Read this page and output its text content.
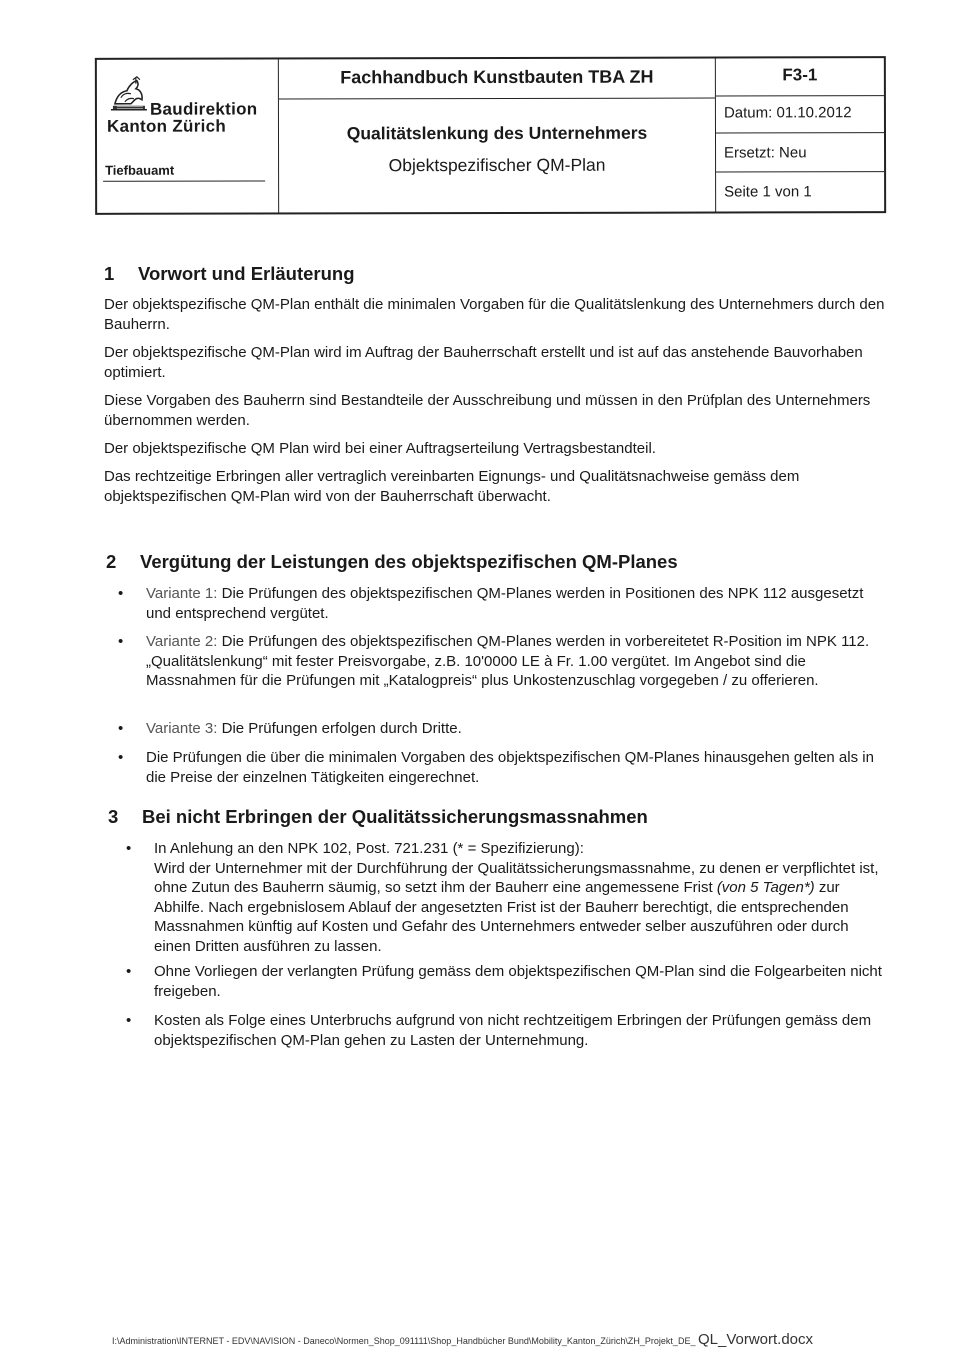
Baudirektion
Kanton Zürich
Tiefbauamt
Fachhandbuch Kunstbauten TBA ZH
Qualitätslenkung des Unternehmers
Objektspezifischer QM-Plan
F3-1
Datum: 01.10.2012
Ersetzt: Neu
Seite 1 von 1
1 Vorwort und Erläuterung

Der objektspezifische QM-Plan enthält die minimalen Vorgaben für die Qualitätslenkung des Unternehmers durch den Bauherrn.

Der objektspezifische QM-Plan wird im Auftrag der Bauherrschaft erstellt und ist auf das anstehende Bauvorhaben optimiert.

Diese Vorgaben des Bauherrn sind Bestandteile der Ausschreibung und müssen in den Prüfplan des Unternehmers übernommen werden.

Der objektspezifische QM Plan wird bei einer Auftragserteilung Vertragsbestandteil.

Das rechtzeitige Erbringen aller vertraglich vereinbarten Eignungs- und Qualitätsnachweise gemäss dem objektspezifischen QM-Plan wird von der Bauherrschaft überwacht.

2 Vergütung der Leistungen des objektspezifischen QM-Planes
• Variante 1: Die Prüfungen des objektspezifischen QM-Planes werden in Positionen des NPK 112 ausgesetzt und entsprechend vergütet.
• Variante 2: Die Prüfungen des objektspezifischen QM-Planes werden in vorbereitetet R-Position im NPK 112. „Qualitätslenkung“ mit fester Preisvorgabe, z.B. 10'0000 LE à Fr. 1.00 vergütet. Im Angebot sind die Massnahmen für die Prüfungen mit „Katalogpreis“ plus Unkostenzuschlag vorgegeben / zu offerieren.
• Variante 3: Die Prüfungen erfolgen durch Dritte.
• Die Prüfungen die über die minimalen Vorgaben des objektspezifischen QM-Planes hinausgehen gelten als in die Preise der einzelnen Tätigkeiten eingerechnet.
3 Bei nicht Erbringen der Qualitätssicherungsmassnahmen
• In Anlehung an den NPK 102, Post. 721.231 (* = Spezifizierung):
Wird der Unternehmer mit der Durchführung der Qualitätssicherungsmassnahme, zu denen er verpflichtet ist, ohne Zutun des Bauherrn säumig, so setzt ihm der Bauherr eine angemessene Frist (von 5 Tagen*) zur Abhilfe. Nach ergebnislosem Ablauf der angesetzten Frist ist der Bauherr berechtigt, die entsprechenden Massnahmen künftig auf Kosten und Gefahr des Unternehmers entweder selber auszuführen oder durch einen Dritten ausführen zu lassen.
• Ohne Vorliegen der verlangten Prüfung gemäss dem objektspezifischen QM-Plan sind die Folgearbeiten nicht freigeben.
• Kosten als Folge eines Unterbruchs aufgrund von nicht rechtzeitigem Erbringen der Prüfungen gemäss dem objektspezifischen QM-Plan gehen zu Lasten der Unternehmung.
I:\Administration\INTERNET - EDV\NAVISION - Daneco\Normen_Shop_091111\Shop_Handbücher Bund\Mobility_Kanton_Zürich\ZH_Projekt_DE_ QL_Vorwort.docx
